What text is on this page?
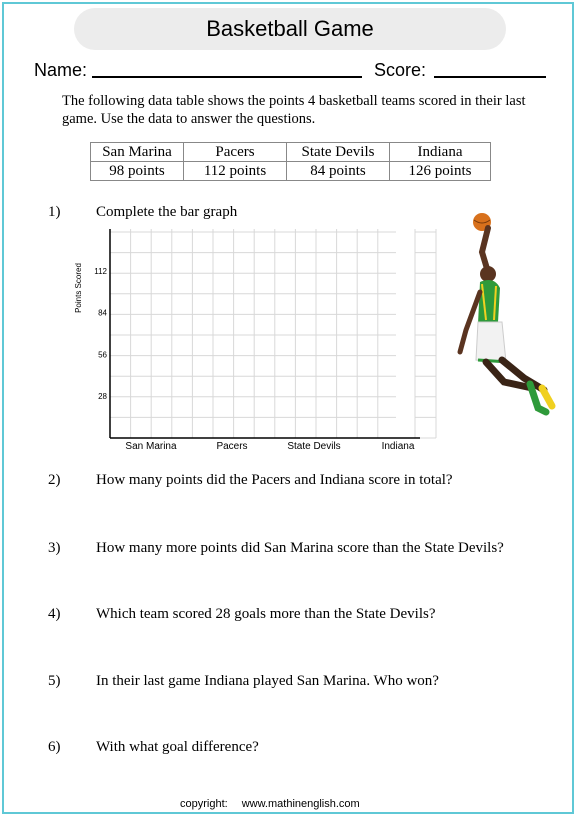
Basketball Game
Name:	Score:
The following data table shows the points 4 basketball teams scored in their last game. Use the data to answer the questions.
San Marina	Pacers	State Devils	Indiana
98 points	112 points	84 points	126 points
1)	Complete the bar graph
Points Scored
28
56
84
112
San Marina	Pacers	State Devils	Indiana
2)	How many points did the Pacers and Indiana score in total?
3)	How many more points did San Marina score than the State Devils?
4)	Which team scored 28 goals more than the State Devils?
5)	In their last game Indiana played San Marina. Who won?
6)	With what goal difference?
copyright: www.mathinenglish.com
